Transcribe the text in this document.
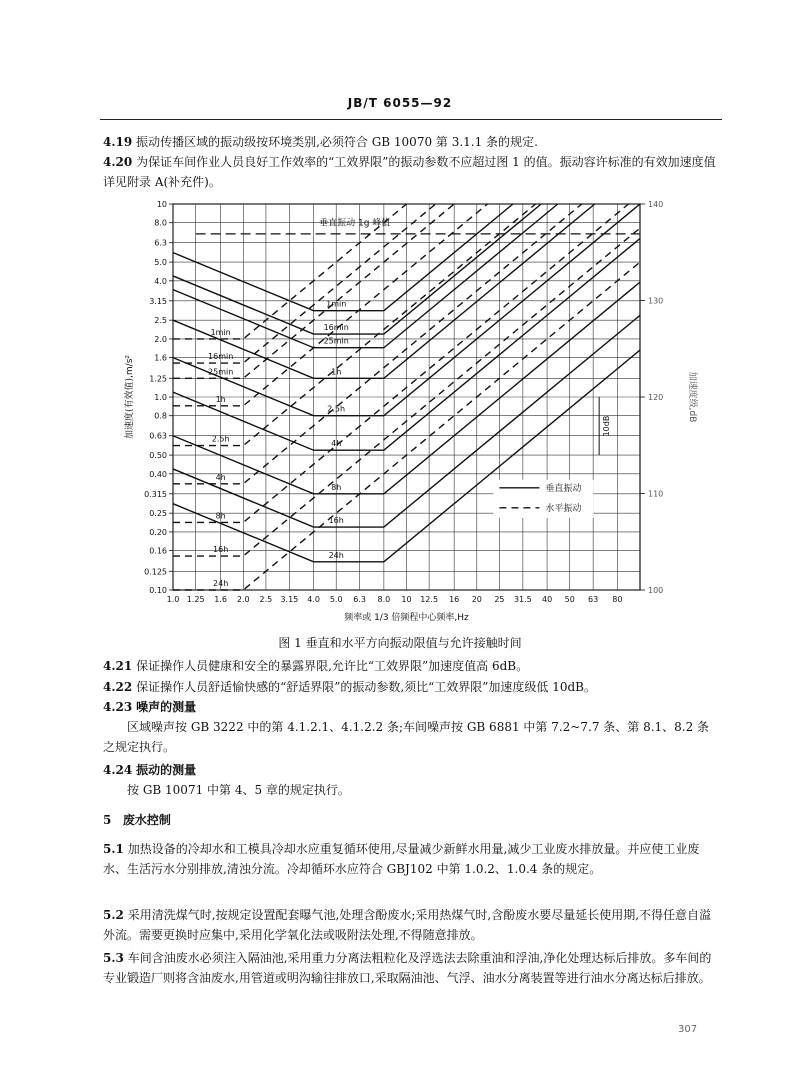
JB/T 6055—92
4.19 振动传播区域的振动级按环境类别,必须符合 GB 10070 第 3.1.1 条的规定.
4.20 为保证车间作业人员良好工作效率的“工效界限”的振动参数不应超过图 1 的值。振动容许标准的有效加速度值详见附录 A(补充件)。
1.0 1.25 1.6 2.0 2.5 3.15 4.0 5.0 6.3 8.0 10 12.5 16 20 25 31.5 40 50 63 80
0.10
0.125
0.16
0.20
0.25
0.315
0.40
0.50
0.63
0.8
1.0
1.25
1.6
2.0
2.5
3.15
4.0
5.0
6.3
8.0
10
100
110
120
130
140
频率或 1/3 倍频程中心频率,Hz
加速度(有效值),m/s²	加速度级,dB
1min
16min
25min
1h
2.5h
4h
8h
16h
24h
1min
16min
25min
1h
2.5h
4h
8h
16h
24h
垂直振动 1g 峰值
10dB
垂直振动
水平振动
图 1 垂直和水平方向振动限值与允许接触时间
4.21 保证操作人员健康和安全的暴露界限,允许比“工效界限”加速度值高 6dB。
4.22 保证操作人员舒适愉快感的“舒适界限”的振动参数,须比“工效界限”加速度级低 10dB。
4.23 噪声的测量
区域噪声按 GB 3222 中的第 4.1.2.1、4.1.2.2 条;车间噪声按 GB 6881 中第 7.2~7.7 条、第 8.1、8.2 条之规定执行。
4.24 振动的测量
按 GB 10071 中第 4、5 章的规定执行。
5 废水控制
5.1 加热设备的冷却水和工模具冷却水应重复循环使用,尽量减少新鲜水用量,减少工业废水排放量。并应使工业废水、生活污水分别排放,清浊分流。冷却循环水应符合 GBJ102 中第 1.0.2、1.0.4 条的规定。
5.2 采用清洗煤气时,按规定设置配套曝气池,处理含酚废水;采用热煤气时,含酚废水要尽量延长使用期,不得任意自溢外流。需要更换时应集中,采用化学氧化法或吸附法处理,不得随意排放。
5.3 车间含油废水必须注入隔油池,采用重力分离法粗粒化及浮选法去除重油和浮油,净化处理达标后排放。多车间的专业锻造厂则将含油废水,用管道或明沟输往排放口,采取隔油池、气浮、油水分离装置等进行油水分离达标后排放。
307
